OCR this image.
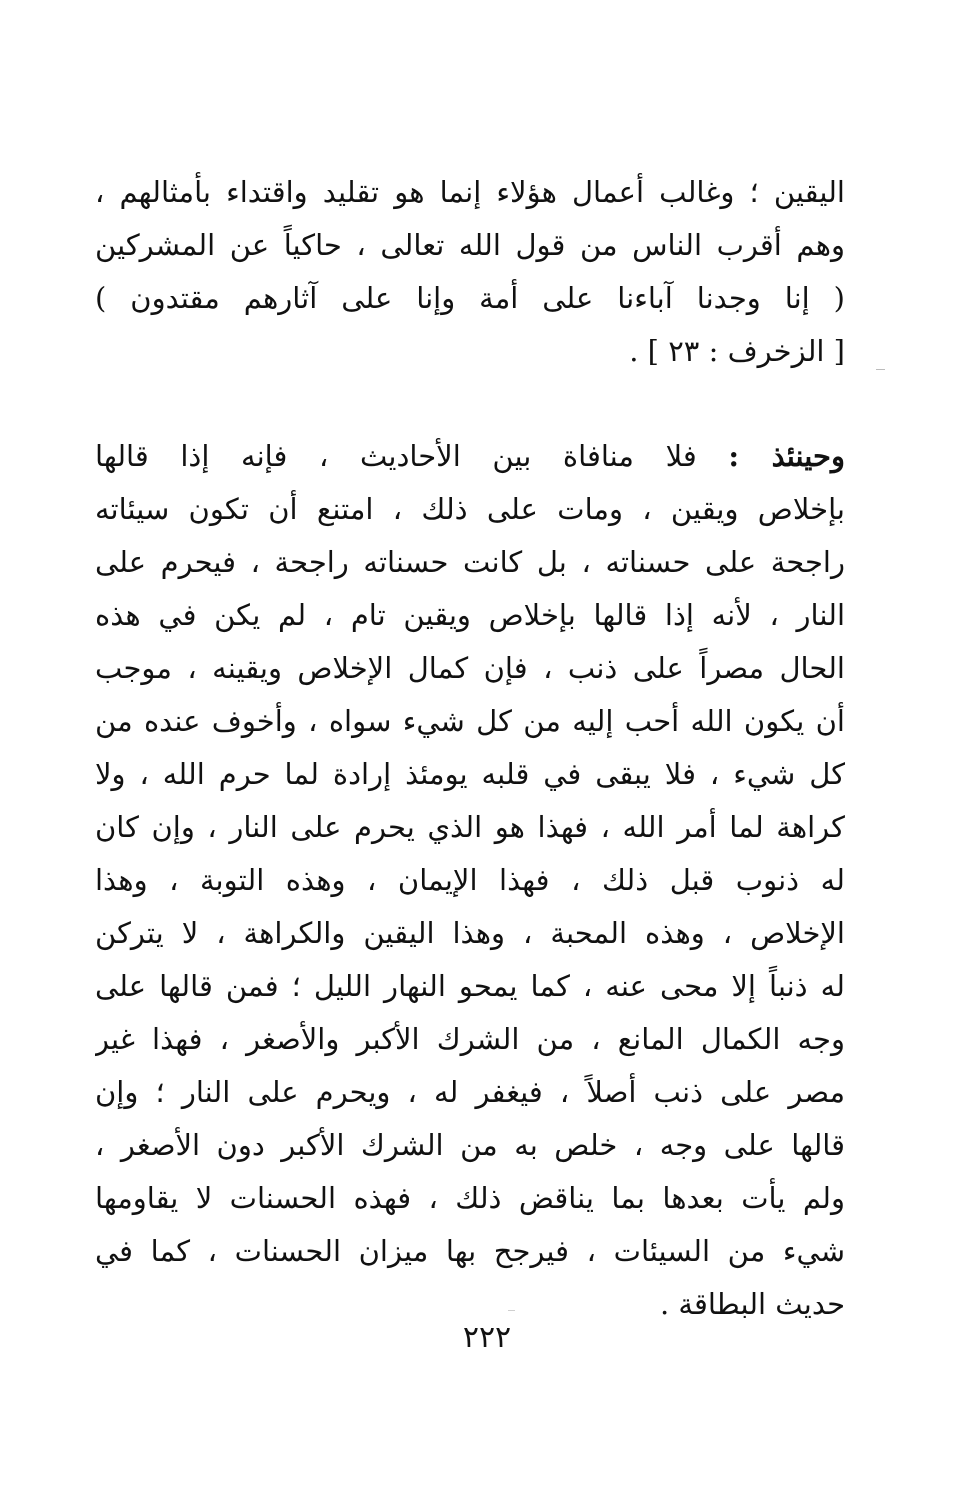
اليقين ؛ وغالب أعمال هؤلاء إنما هو تقليد واقتداء بأمثالهم ،
وهم أقرب الناس من قول الله تعالى ، حاكياً عن المشركين
( إنا وجدنا آباءنا على أمة وإنا على آثارهم مقتدون )
[ الزخرف : ٢٣ ] .
وحينئذ : فلا منافاة بين الأحاديث ، فإنه إذا قالها
بإخلاص ويقين ، ومات على ذلك ، امتنع أن تكون سيئاته
راجحة على حسناته ، بل كانت حسناته راجحة ، فيحرم على
النار ، لأنه إذا قالها بإخلاص ويقين تام ، لم يكن في هذه
الحال مصراً على ذنب ، فإن كمال الإخلاص ويقينه ، موجب
أن يكون الله أحب إليه من كل شيء سواه ، وأخوف عنده من
كل شيء ، فلا يبقى في قلبه يومئذ إرادة لما حرم الله ، ولا
كراهة لما أمر الله ، فهذا هو الذي يحرم على النار ، وإن كان
له ذنوب قبل ذلك ، فهذا الإيمان ، وهذه التوبة ، وهذا
الإخلاص ، وهذه المحبة ، وهذا اليقين والكراهة ، لا يتركن
له ذنباً إلا محى عنه ، كما يمحو النهار الليل ؛ فمن قالها على
وجه الكمال المانع ، من الشرك الأكبر والأصغر ، فهذا غير
مصر على ذنب أصلاً ، فيغفر له ، ويحرم على النار ؛ وإن
قالها على وجه ، خلص به من الشرك الأكبر دون الأصغر ،
ولم يأت بعدها بما يناقض ذلك ، فهذه الحسنات لا يقاومها
شيء من السيئات ، فيرجح بها ميزان الحسنات ، كما في
حديث البطاقة .
٢٢٢
